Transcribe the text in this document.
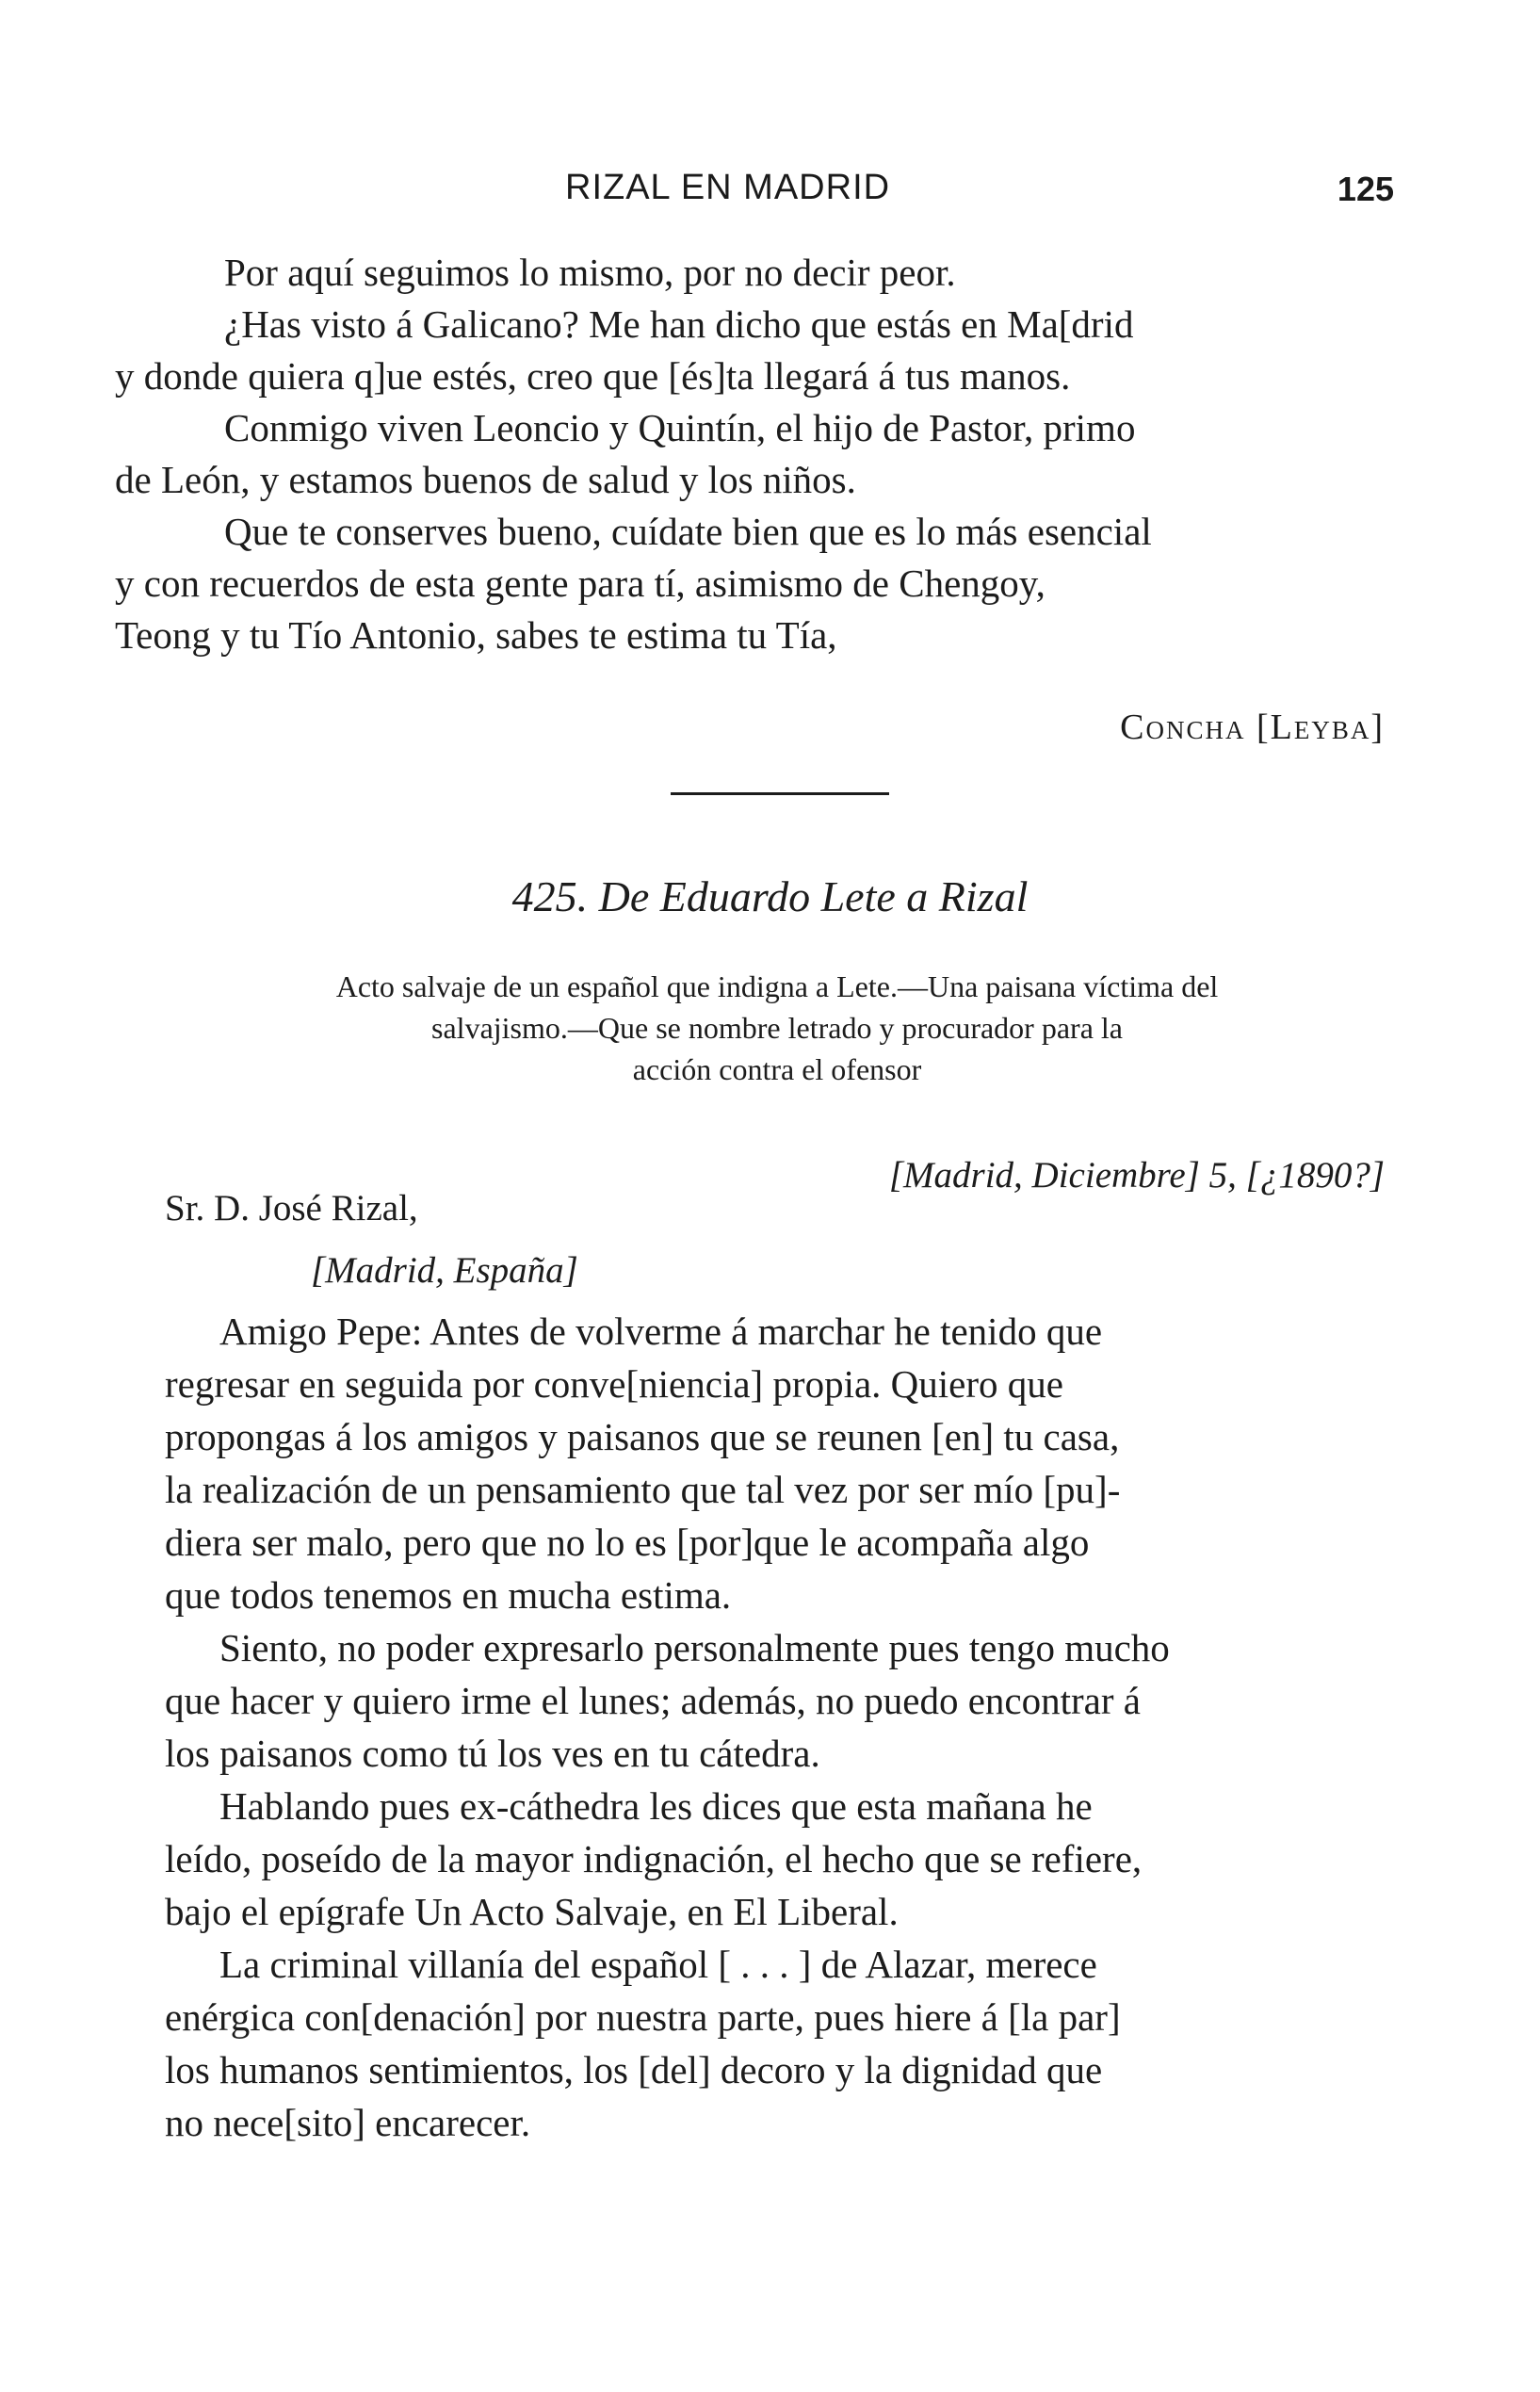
RIZAL EN MADRID	125

Por aquí seguimos lo mismo, por no decir peor.

¿Has visto á Galicano? Me han dicho que estás en Ma[drid
y donde quiera q]ue estés, creo que [és]ta llegará á tus manos.

Conmigo viven Leoncio y Quintín, el hijo de Pastor, primo
de León, y estamos buenos de salud y los niños.

Que te conserves bueno, cuídate bien que es lo más esencial
y con recuerdos de esta gente para tí, asimismo de Chengoy,
Teong y tu Tío Antonio, sabes te estima tu Tía,

Concha [Leyba]
425. De Eduardo Lete a Rizal
Acto salvaje de un español que indigna a Lete.—Una paisana víctima del
salvajismo.—Que se nombre letrado y procurador para la
acción contra el ofensor
[Madrid, Diciembre] 5, [¿1890?]
Sr. D. José Rizal,
[Madrid, España]

Amigo Pepe: Antes de volverme á marchar he tenido que
regresar en seguida por conve[niencia] propia. Quiero que
propongas á los amigos y paisanos que se reunen [en] tu casa,
la realización de un pensamiento que tal vez por ser mío [pu]-
diera ser malo, pero que no lo es [por]que le acompaña algo
que todos tenemos en mucha estima.

Siento, no poder expresarlo personalmente pues tengo mucho
que hacer y quiero irme el lunes; además, no puedo encontrar á
los paisanos como tú los ves en tu cátedra.

Hablando pues ex-cáthedra les dices que esta mañana he
leído, poseído de la mayor indignación, el hecho que se refiere,
bajo el epígrafe Un Acto Salvaje, en El Liberal.

La criminal villanía del español [ . . . ] de Alazar, merece
enérgica con[denación] por nuestra parte, pues hiere á [la par]
los humanos sentimientos, los [del] decoro y la dignidad que
no nece[sito] encarecer.
